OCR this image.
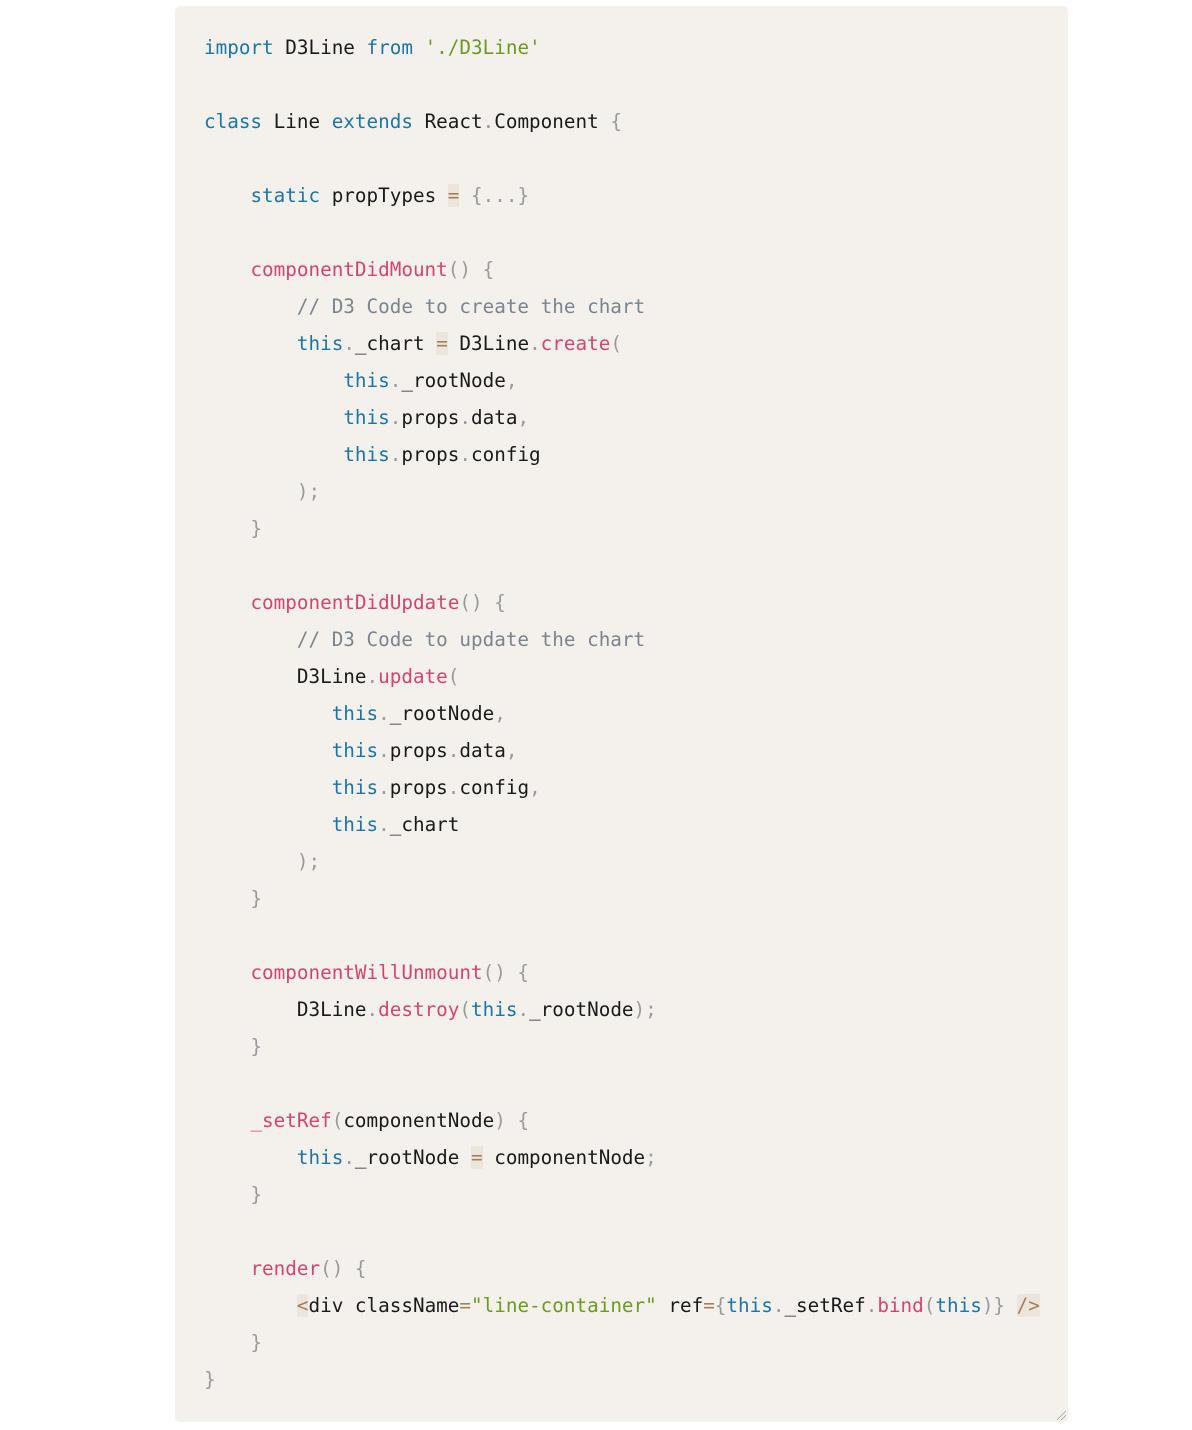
import D3Line from './D3Line'
class Line extends React.Component {
static propTypes = {...}
componentDidMount() {
// D3 Code to create the chart
this._chart = D3Line.create(
this._rootNode,
this.props.data,
this.props.config
);
}
componentDidUpdate() {
// D3 Code to update the chart
D3Line.update(
this._rootNode,
this.props.data,
this.props.config,
this._chart
);
}
componentWillUnmount() {
D3Line.destroy(this._rootNode);
}
_setRef(componentNode) {
this._rootNode = componentNode;
}
render() {
<div className="line-container" ref={this._setRef.bind(this)} />
}
}
